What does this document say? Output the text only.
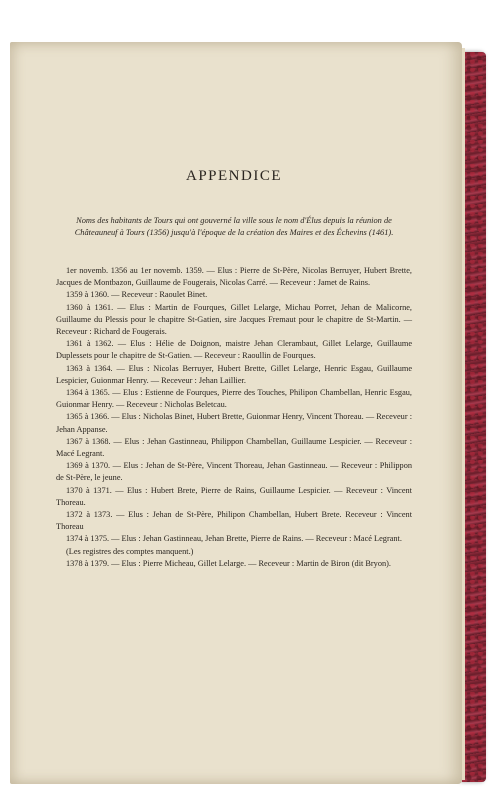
APPENDICE
Noms des habitants de Tours qui ont gouverné la ville sous le nom d'Élus depuis la réunion de Châteauneuf à Tours (1356) jusqu'à l'époque de la création des Maires et des Échevins (1461).

1er novemb. 1356 au 1er novemb. 1359. — Elus : Pierre de St-Père, Nicolas Berruyer, Hubert Brette, Jacques de Montbazon, Guillaume de Fougerais, Nicolas Carré. — Receveur : Jamet de Rains.

1359 à 1360. — Receveur : Raoulet Binet.

1360 à 1361. — Elus : Martin de Fourques, Gillet Lelarge, Michau Porret, Jehan de Malicorne, Guillaume du Plessis pour le chapitre St-Gatien, sire Jacques Fremaut pour le chapitre de St-Martin. — Receveur : Richard de Fougerais.

1361 à 1362. — Elus : Hélie de Doignon, maistre Jehan Clerambaut, Gillet Lelarge, Guillaume Duplessets pour le chapitre de St-Gatien. — Receveur : Raoullin de Fourques.

1363 à 1364. — Elus : Nicolas Berruyer, Hubert Brette, Gillet Lelarge, Henric Esgau, Guillaume Lespicier, Guionmar Henry. — Receveur : Jehan Laillier.

1364 à 1365. — Elus : Estienne de Fourques, Pierre des Touches, Philipon Chambellan, Henric Esgau, Guionmar Henry. — Receveur : Nicholas Beletcau.

1365 à 1366. — Elus : Nicholas Binet, Hubert Brette, Guionmar Henry, Vincent Thoreau. — Receveur : Jehan Appanse.

1367 à 1368. — Elus : Jehan Gastinneau, Philippon Chambellan, Guillaume Lespicier. — Receveur : Macé Legrant.

1369 à 1370. — Elus : Jehan de St-Père, Vincent Thoreau, Jehan Gastinneau. — Receveur : Philippon de St-Père, le jeune.

1370 à 1371. — Elus : Hubert Brete, Pierre de Rains, Guillaume Lespicier. — Receveur : Vincent Thoreau.

1372 à 1373. — Elus : Jehan de St-Père, Philipon Chambellan, Hubert Brete. Receveur : Vincent Thoreau

1374 à 1375. — Elus : Jehan Gastinneau, Jehan Brette, Pierre de Rains. — Receveur : Macé Legrant.

(Les registres des comptes manquent.)

1378 à 1379. — Elus : Pierre Micheau, Gillet Lelarge. — Receveur : Martin de Biron (dit Bryon).
